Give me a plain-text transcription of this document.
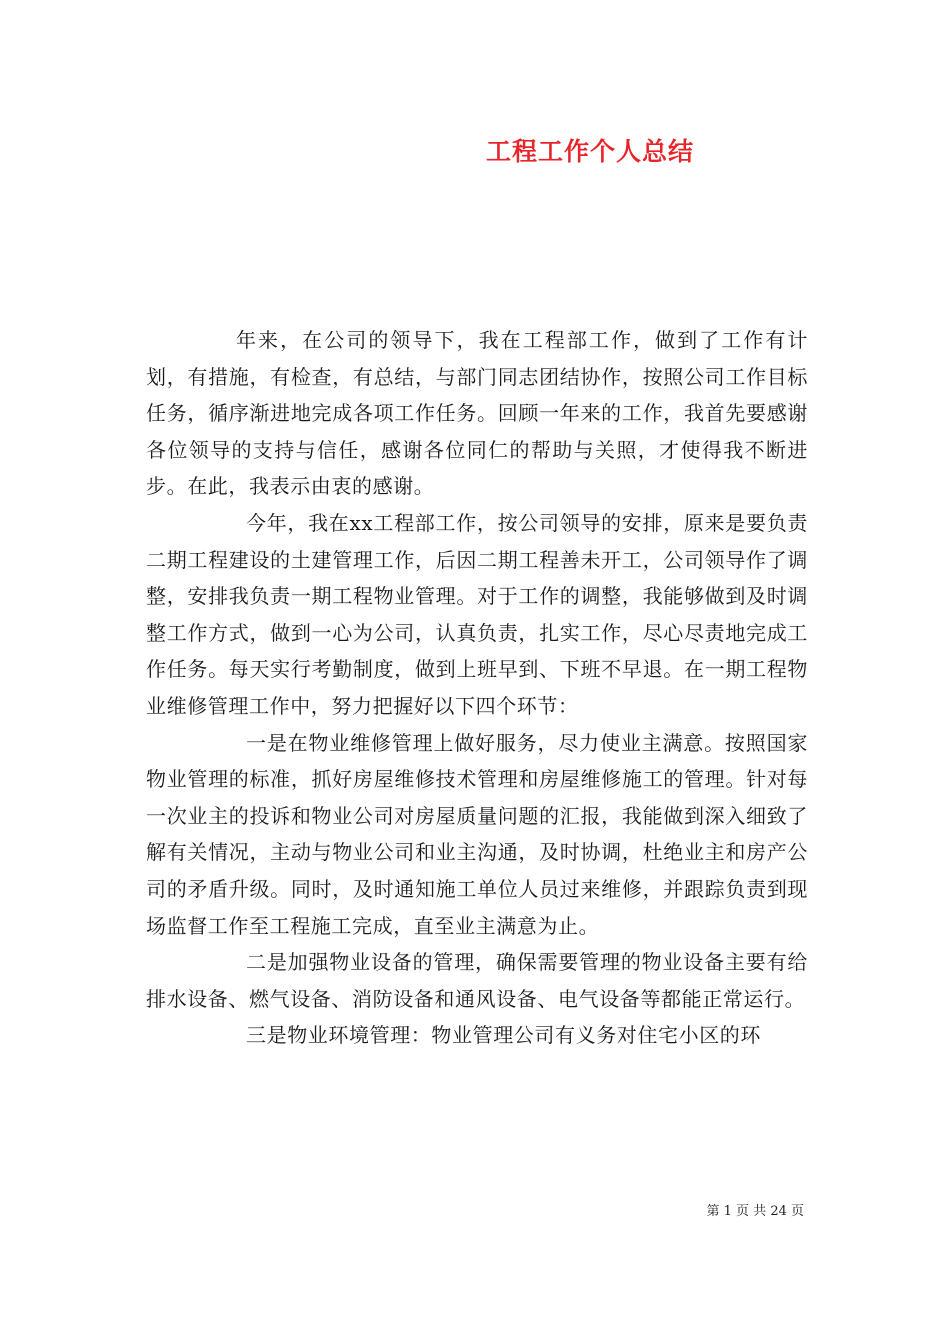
工程工作个人总结

年来，在公司的领导下，我在工程部工作，做到了工作有计划，有措施，有检查，有总结，与部门同志团结协作，按照公司工作目标任务，循序渐进地完成各项工作任务。回顾一年来的工作，我首先要感谢各位领导的支持与信任，感谢各位同仁的帮助与关照，才使得我不断进步。在此，我表示由衷的感谢。

今年，我在xx工程部工作，按公司领导的安排，原来是要负责二期工程建设的土建管理工作，后因二期工程善未开工，公司领导作了调整，安排我负责一期工程物业管理。对于工作的调整，我能够做到及时调整工作方式，做到一心为公司，认真负责，扎实工作，尽心尽责地完成工作任务。每天实行考勤制度，做到上班早到、下班不早退。在一期工程物业维修管理工作中，努力把握好以下四个环节：

一是在物业维修管理上做好服务，尽力使业主满意。按照国家物业管理的标准，抓好房屋维修技术管理和房屋维修施工的管理。针对每一次业主的投诉和物业公司对房屋质量问题的汇报，我能做到深入细致了解有关情况，主动与物业公司和业主沟通，及时协调，杜绝业主和房产公司的矛盾升级。同时，及时通知施工单位人员过来维修，并跟踪负责到现场监督工作至工程施工完成，直至业主满意为止。

二是加强物业设备的管理，确保需要管理的物业设备主要有给排水设备、燃气设备、消防设备和通风设备、电气设备等都能正常运行。

三是物业环境管理：物业管理公司有义务对住宅小区的环

第 1 页 共 24 页
